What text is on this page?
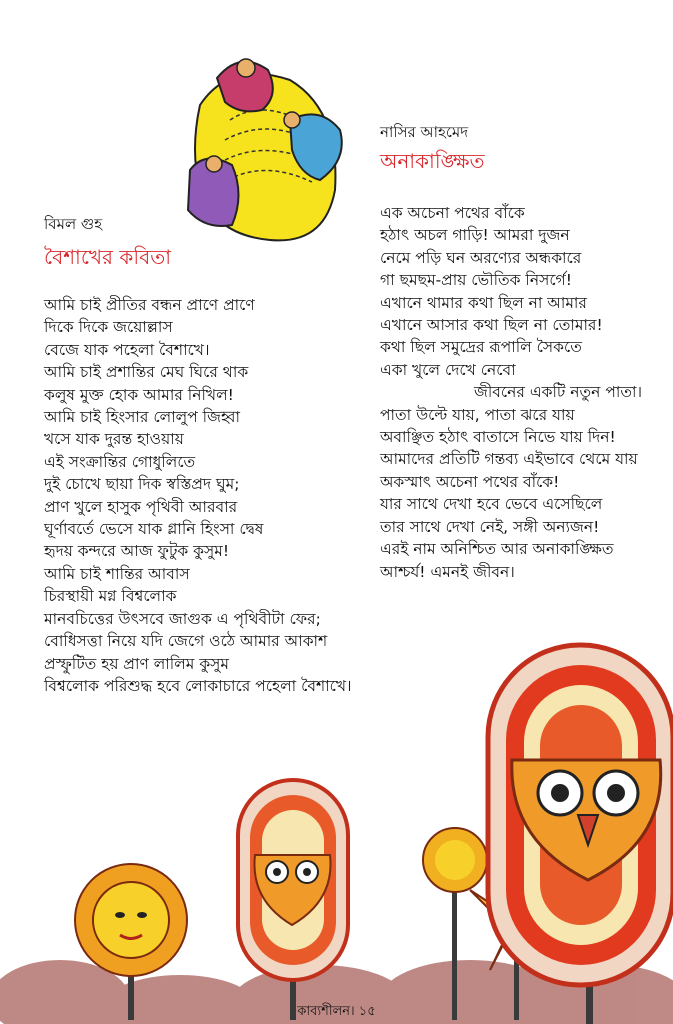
বিমল গুহ
বৈশাখের কবিতা
আমি চাই প্রীতির বন্ধন প্রাণে প্রাণে
দিকে দিকে জয়োল্লাস
বেজে যাক পহেলা বৈশাখে।
আমি চাই প্রশান্তির মেঘ ঘিরে থাক
কলুষ মুক্ত হোক আমার নিখিল!
আমি চাই হিংসার লোলুপ জিহ্বা
খসে যাক দুরন্ত হাওয়ায়
এই সংক্রান্তির গোধুলিতে
দুই চোখে ছায়া দিক স্বস্তিপ্রদ ঘুম;
প্রাণ খুলে হাসুক পৃথিবী আরবার
ঘূর্ণাবর্তে ভেসে যাক গ্লানি হিংসা দ্বেষ
হৃদয় কন্দরে আজ ফুটুক কুসুম!
আমি চাই শান্তির আবাস
চিরস্থায়ী মগ্ন বিশ্বলোক
মানবচিত্তের উৎসবে জাগুক এ পৃথিবীটা ফের;
বোধিসত্তা নিয়ে যদি জেগে ওঠে আমার আকাশ
প্রস্ফুটিত হয় প্রাণ লালিম কুসুম
বিশ্বলোক পরিশুদ্ধ হবে লোকাচারে পহেলা বৈশাখে।
নাসির আহমেদ
অনাকাঙ্ক্ষিত
এক অচেনা পথের বাঁকে
হঠাৎ অচল গাড়ি! আমরা দুজন
নেমে পড়ি ঘন অরণ্যের অন্ধকারে
গা ছমছম-প্রায় ভৌতিক নিসর্গে!
এখানে থামার কথা ছিল না আমার
এখানে আসার কথা ছিল না তোমার!
কথা ছিল সমুদ্রের রূপালি সৈকতে
একা খুলে দেখে নেবো
জীবনের একটি নতুন পাতা।
পাতা উল্টে যায়, পাতা ঝরে যায়
অবাঞ্ছিত হঠাৎ বাতাসে নিভে যায় দিন!
আমাদের প্রতিটি গন্তব্য এইভাবে থেমে যায়
অকস্মাৎ অচেনা পথের বাঁকে!
যার সাথে দেখা হবে ভেবে এসেছিলে
তার সাথে দেখা নেই, সঙ্গী অন্যজন!
এরই নাম অনিশ্চিত আর অনাকাঙ্ক্ষিত
আশ্চর্য! এমনই জীবন।
কাব্যশীলন। ১৫
